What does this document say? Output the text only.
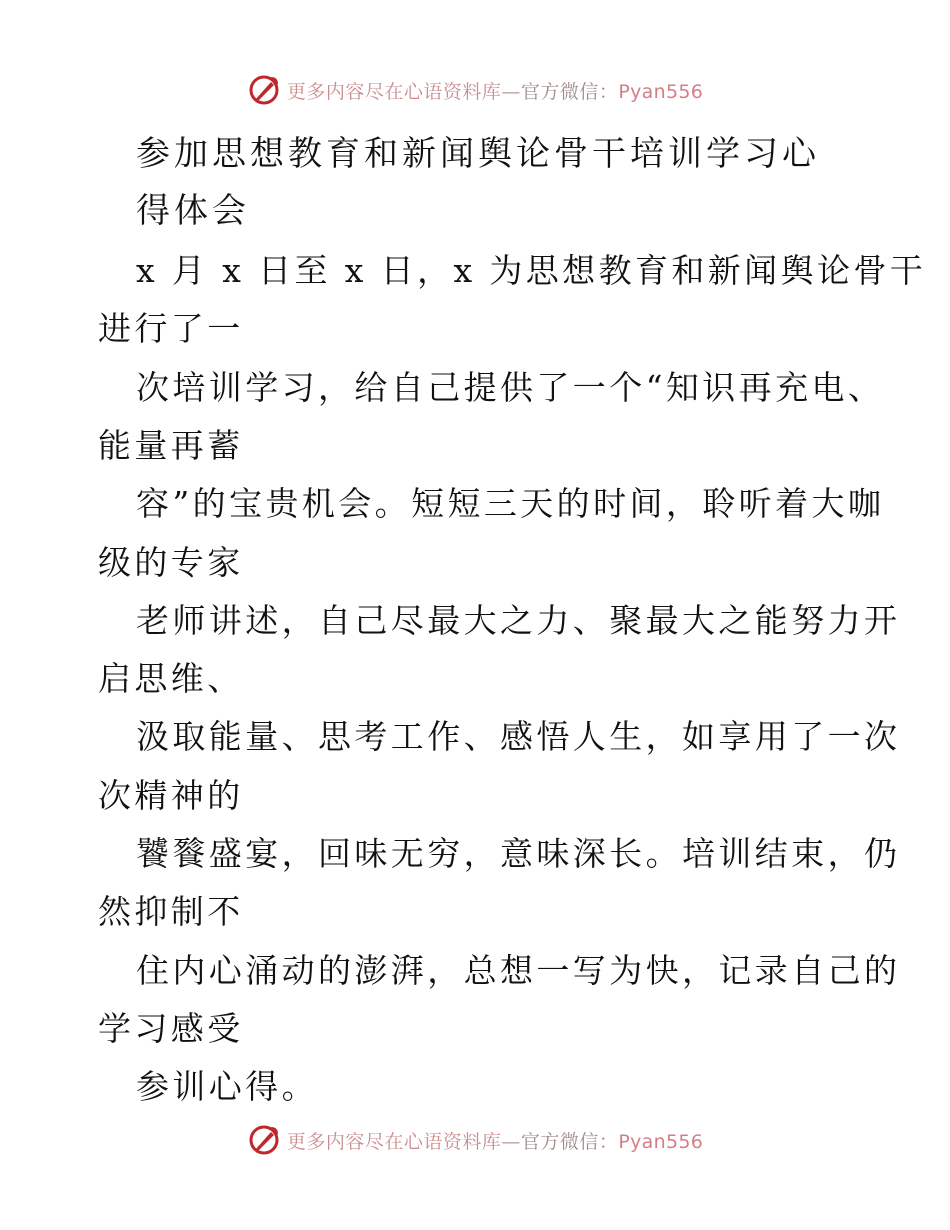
更多内容尽在心语资料库—官方微信：Pyan556
参加思想教育和新闻舆论骨干培训学习心
得体会
x 月 x 日至 x 日，x 为思想教育和新闻舆论骨干
进行了一
次培训学习，给自己提供了一个“知识再充电、
能量再蓄
容”的宝贵机会。短短三天的时间，聆听着大咖
级的专家
老师讲述，自己尽最大之力、聚最大之能努力开
启思维、
汲取能量、思考工作、感悟人生，如享用了一次
次精神的
饕餮盛宴，回味无穷，意味深长。培训结束，仍
然抑制不
住内心涌动的澎湃，总想一写为快，记录自己的
学习感受
参训心得。
更多内容尽在心语资料库—官方微信：Pyan556
